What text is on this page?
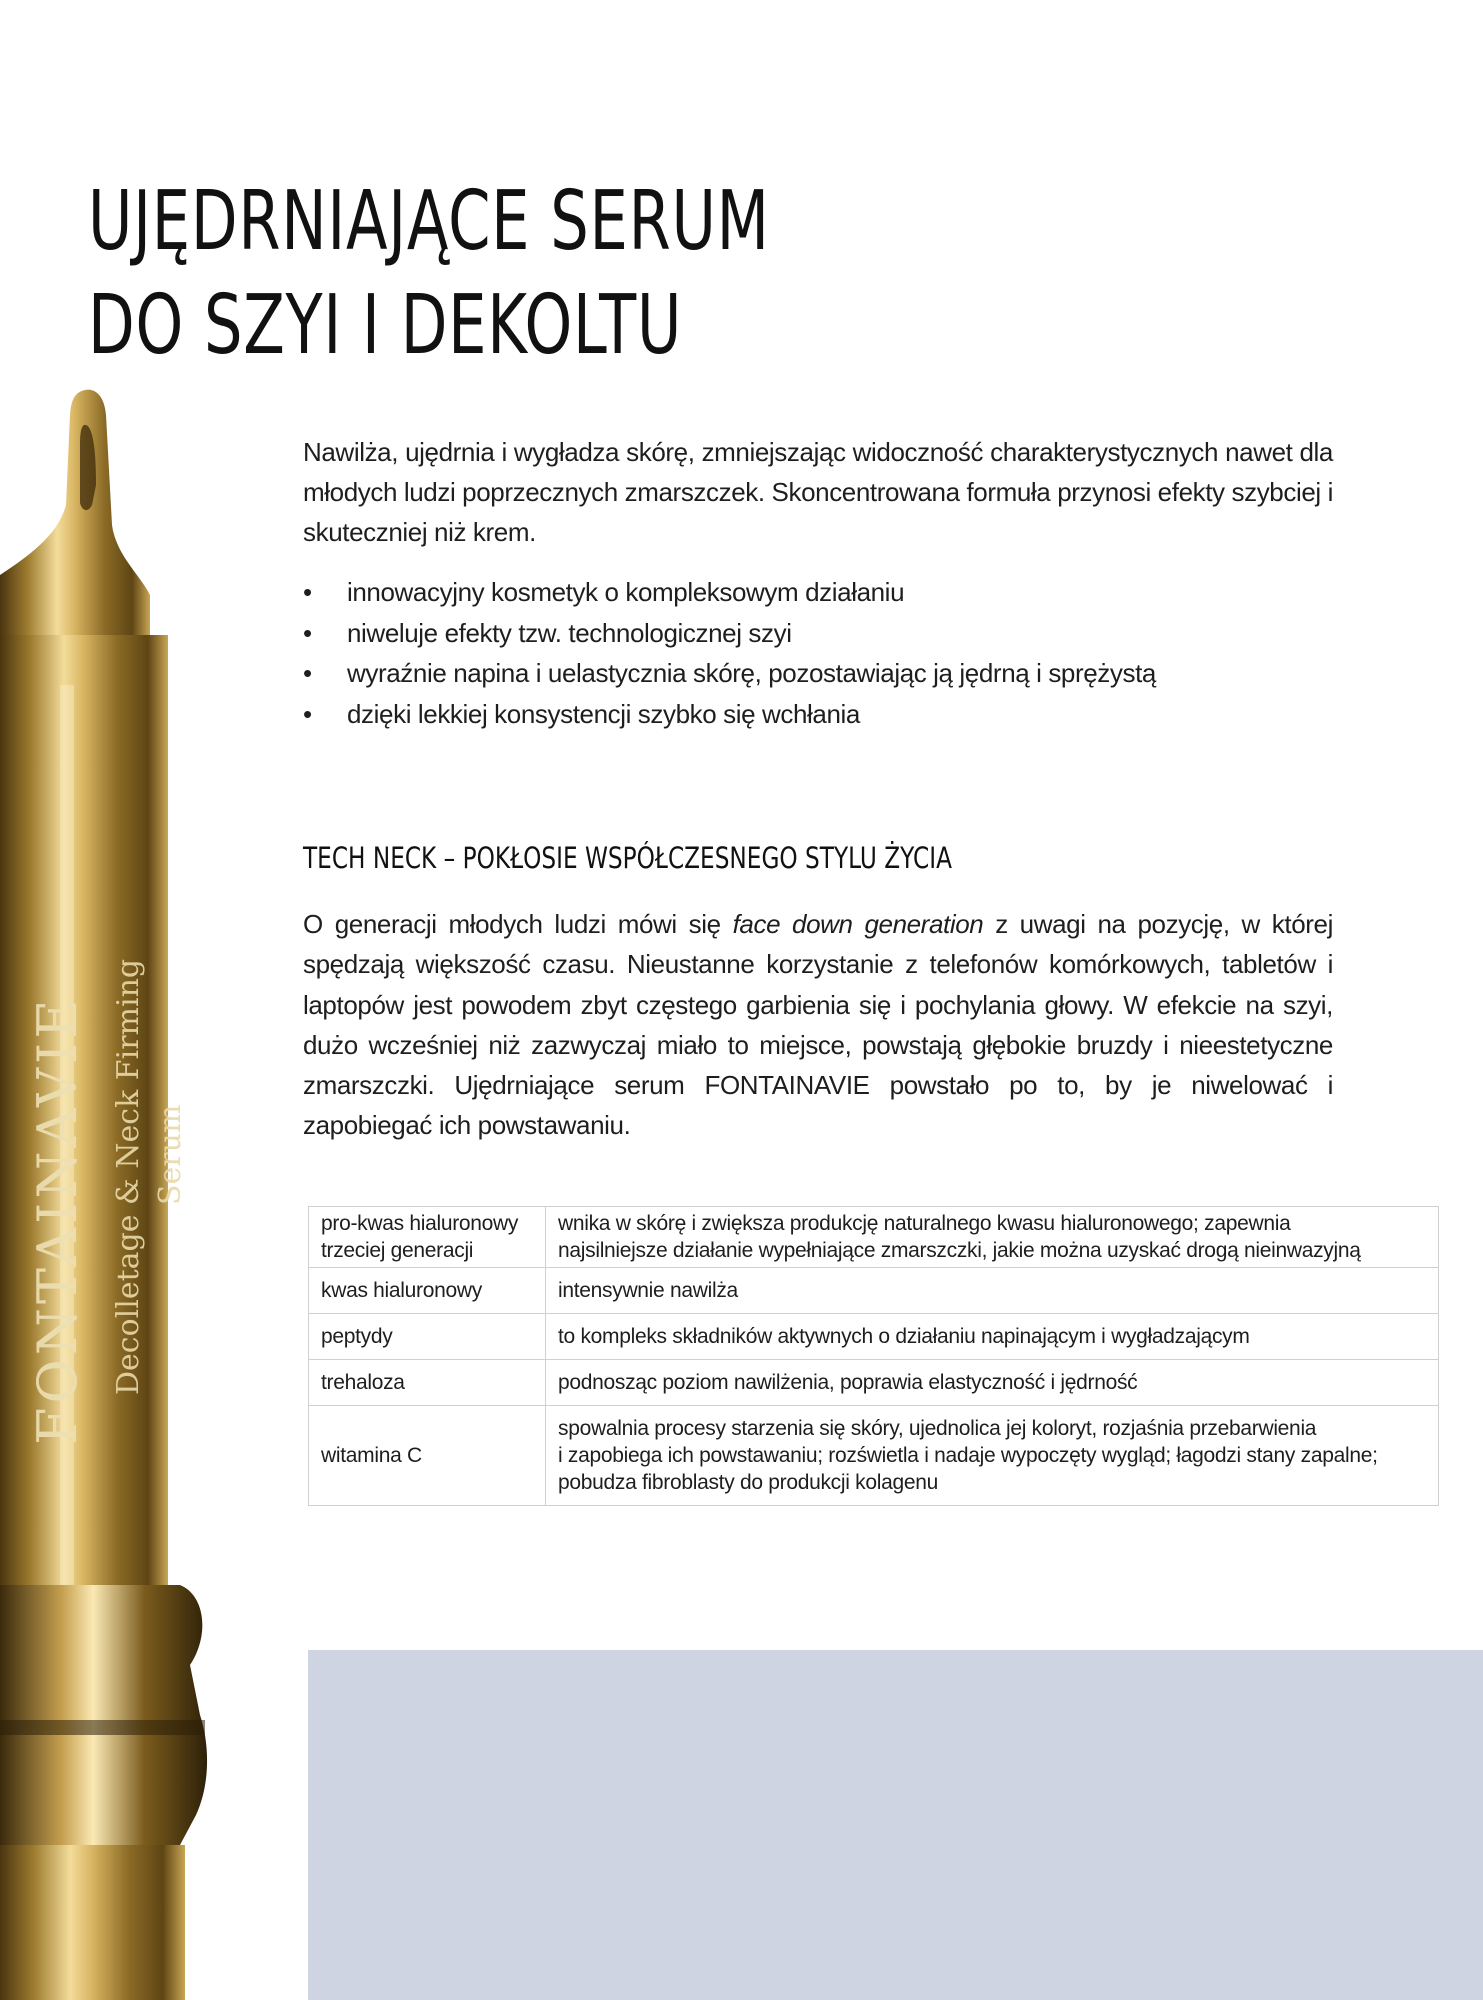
UJĘDRNIAJĄCE SERUM
DO SZYI I DEKOLTU
FONTAINAVIE Decolletage & Neck Firming Serum

Nawilża, ujędrnia i wygładza skórę, zmniejszając widoczność charakterystycznych nawet dla młodych ludzi poprzecznych zmarszczek. Skoncentrowana formuła przynosi efekty szybciej i skuteczniej niż krem.

• innowacyjny kosmetyk o kompleksowym działaniu
• niweluje efekty tzw. technologicznej szyi
• wyraźnie napina i uelastycznia skórę, pozostawiając ją jędrną i sprężystą
• dzięki lekkiej konsystencji szybko się wchłania
TECH NECK – POKŁOSIE WSPÓŁCZESNEGO STYLU ŻYCIA

O generacji młodych ludzi mówi się face down generation z uwagi na pozycję, w której spędzają większość czasu. Nieustanne korzystanie z telefonów komórkowych, tabletów i laptopów jest powodem zbyt częstego garbienia się i pochylania głowy. W efekcie na szyi, dużo wcześniej niż zazwyczaj miało to miejsce, powstają głębokie bruzdy i nieestetyczne zmarszczki. Ujędrniające serum FONTAINAVIE powstało po to, by je niwelować i zapobiegać ich powstawaniu.

pro-kwas hialuronowy
trzeciej generacji	wnika w skórę i zwiększa produkcję naturalnego kwasu hialuronowego; zapewnia
najsilniejsze działanie wypełniające zmarszczki, jakie można uzyskać drogą nieinwazyjną
kwas hialuronowy	intensywnie nawilża
peptydy	to kompleks składników aktywnych o działaniu napinającym i wygładzającym
trehaloza	podnosząc poziom nawilżenia, poprawia elastyczność i jędrność
witamina C	spowalnia procesy starzenia się skóry, ujednolica jej koloryt, rozjaśnia przebarwienia
i zapobiega ich powstawaniu; rozświetla i nadaje wypoczęty wygląd; łagodzi stany zapalne;
pobudza fibroblasty do produkcji kolagenu
